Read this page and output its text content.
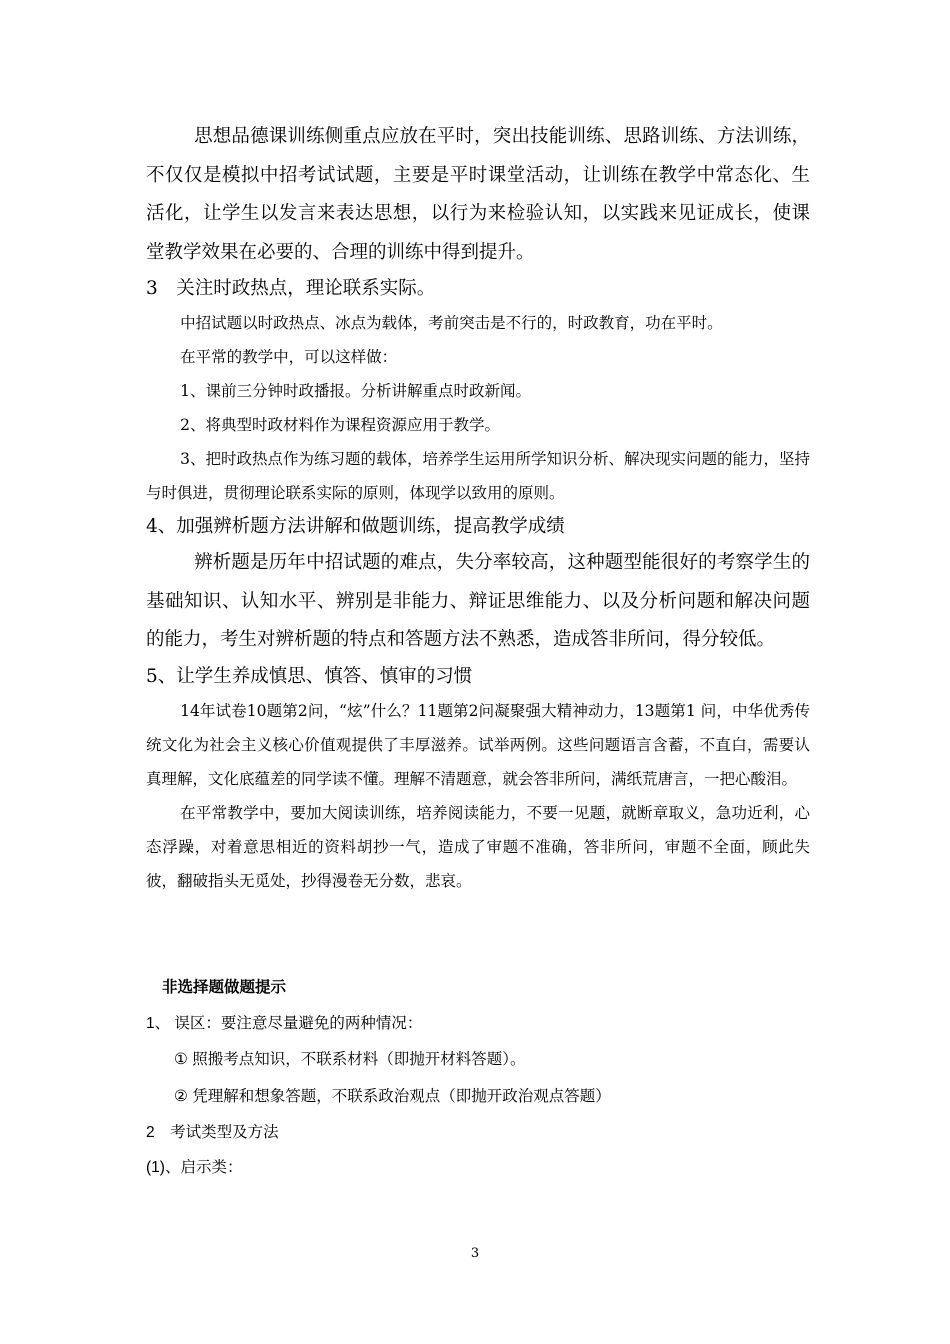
思想品德课训练侧重点应放在平时，突出技能训练、思路训练、方法训练，不仅仅是模拟中招考试试题，主要是平时课堂活动，让训练在教学中常态化、生活化，让学生以发言来表达思想，以行为来检验认知，以实践来见证成长，使课堂教学效果在必要的、合理的训练中得到提升。

3　关注时政热点，理论联系实际。

中招试题以时政热点、冰点为载体，考前突击是不行的，时政教育，功在平时。

在平常的教学中，可以这样做：

1、课前三分钟时政播报。分析讲解重点时政新闻。

2、将典型时政材料作为课程资源应用于教学。

3、把时政热点作为练习题的载体，培养学生运用所学知识分析、解决现实问题的能力，坚持与时俱进，贯彻理论联系实际的原则，体现学以致用的原则。

4、加强辨析题方法讲解和做题训练，提高教学成绩

辨析题是历年中招试题的难点，失分率较高，这种题型能很好的考察学生的基础知识、认知水平、辨别是非能力、辩证思维能力、以及分析问题和解决问题的能力，考生对辨析题的特点和答题方法不熟悉，造成答非所问，得分较低。

5、让学生养成慎思、慎答、慎审的习惯

14年试卷10题第2问，“炫”什么？11题第2问凝聚强大精神动力，13题第1 问，中华优秀传统文化为社会主义核心价值观提供了丰厚滋养。试举两例。这些问题语言含蓄，不直白，需要认真理解，文化底蕴差的同学读不懂。理解不清题意，就会答非所问，满纸荒唐言，一把心酸泪。

在平常教学中，要加大阅读训练，培养阅读能力，不要一见题，就断章取义，急功近利，心态浮躁，对着意思相近的资料胡抄一气，造成了审题不准确，答非所问，审题不全面，顾此失彼，翻破指头无觅处，抄得漫卷无分数，悲哀。

非选择题做题提示

1、 误区：要注意尽量避免的两种情况：

① 照搬考点知识，不联系材料（即抛开材料答题）。

② 凭理解和想象答题，不联系政治观点（即抛开政治观点答题）

2　考试类型及方法

(1)、启示类：

3
